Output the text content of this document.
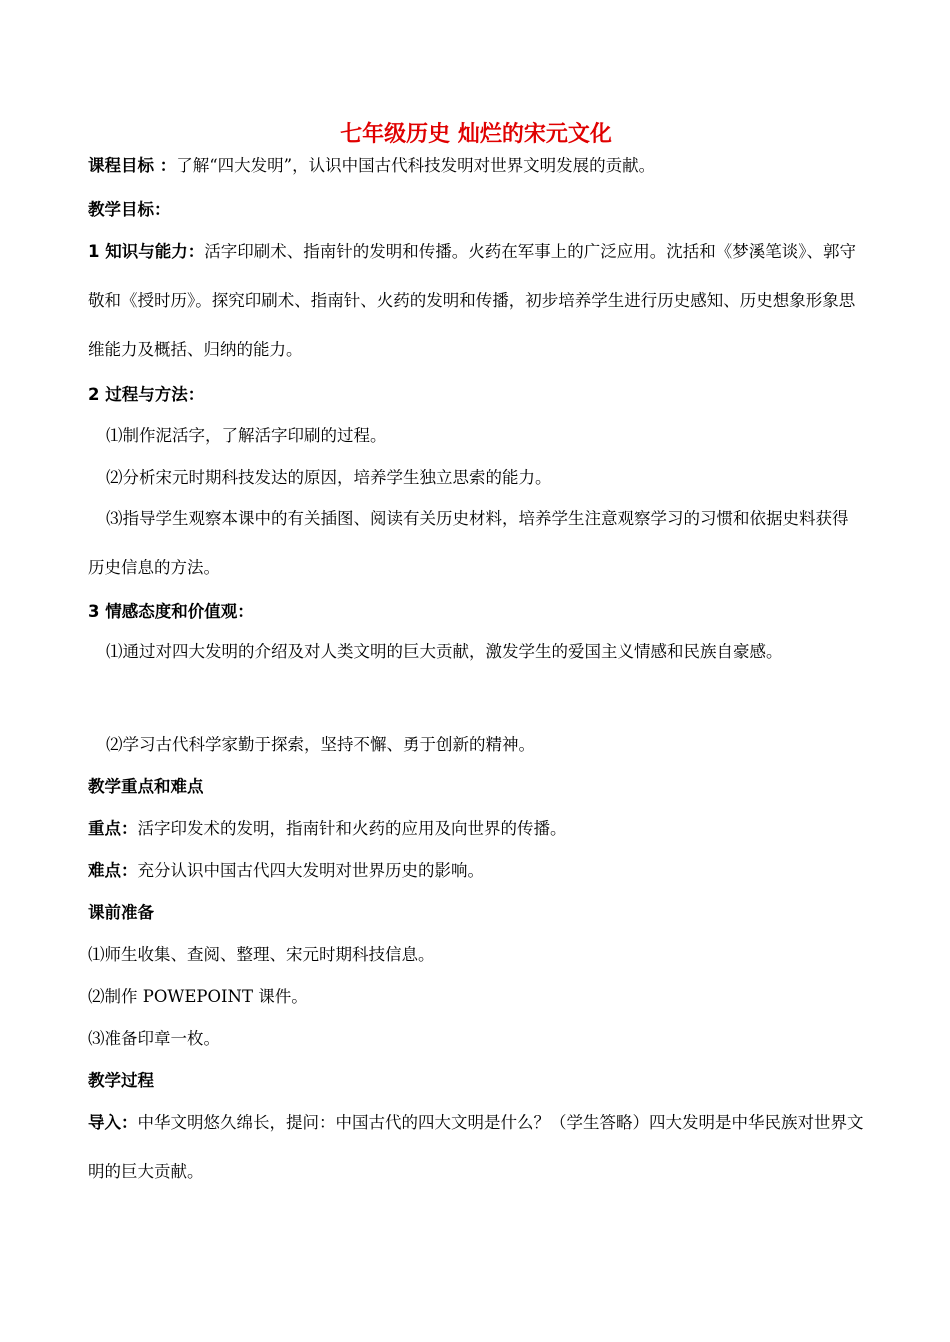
七年级历史 灿烂的宋元文化
课程目标 ：了解“四大发明”，认识中国古代科技发明对世界文明发展的贡献。
教学目标：
1 知识与能力：活字印刷术、指南针的发明和传播。火药在军事上的广泛应用。沈括和《梦溪笔谈》、郭守敬和《授时历》。探究印刷术、指南针、火药的发明和传播，初步培养学生进行历史感知、历史想象形象思维能力及概括、归纳的能力。
2 过程与方法：
⑴制作泥活字，了解活字印刷的过程。
⑵分析宋元时期科技发达的原因，培养学生独立思索的能力。
⑶指导学生观察本课中的有关插图、阅读有关历史材料，培养学生注意观察学习的习惯和依据史料获得历史信息的方法。
3 情感态度和价值观：
⑴通过对四大发明的介绍及对人类文明的巨大贡献，激发学生的爱国主义情感和民族自豪感。
⑵学习古代科学家勤于探索，坚持不懈、勇于创新的精神。
教学重点和难点
重点：活字印发术的发明，指南针和火药的应用及向世界的传播。
难点：充分认识中国古代四大发明对世界历史的影响。
课前准备
⑴师生收集、查阅、整理、宋元时期科技信息。
⑵制作 POWEPOINT 课件。
⑶准备印章一枚。
教学过程
导入：中华文明悠久绵长，提问：中国古代的四大文明是什么？（学生答略）四大发明是中华民族对世界文明的巨大贡献。
